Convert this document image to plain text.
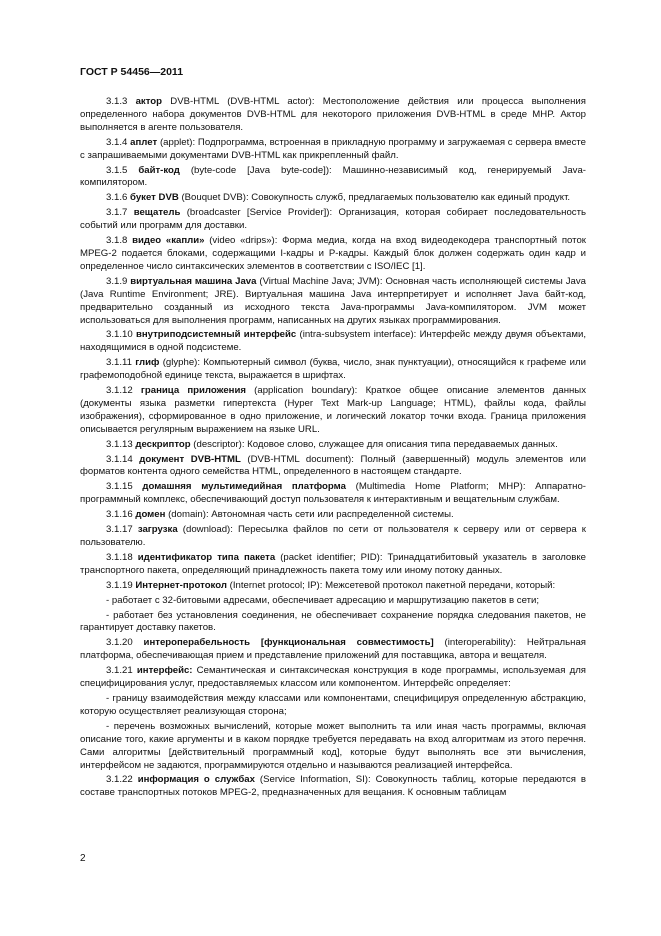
ГОСТ Р 54456—2011

3.1.3 актор DVB-HTML (DVB-HTML actor): Местоположение действия или процесса выполнения определенного набора документов DVB-HTML для некоторого приложения DVB-HTML в среде MHP. Актор выполняется в агенте пользователя.

3.1.4 аплет (applet): Подпрограмма, встроенная в прикладную программу и загружаемая с сервера вместе с запрашиваемыми документами DVB-HTML как прикрепленный файл.

3.1.5 байт-код (byte-code [Java byte-code]): Машинно-независимый код, генерируемый Java-компилятором.

3.1.6 букет DVB (Bouquet DVB): Совокупность служб, предлагаемых пользователю как единый продукт.

3.1.7 вещатель (broadcaster [Service Provider]): Организация, которая собирает последовательность событий или программ для доставки.

3.1.8 видео «капли» (video «drips»): Форма медиа, когда на вход видеодекодера транспортный поток MPEG-2 подается блоками, содержащими I-кадры и Р-кадры. Каждый блок должен содержать один кадр и определенное число синтаксических элементов в соответствии с ISO/IEC [1].

3.1.9 виртуальная машина Java (Virtual Machine Java; JVM): Основная часть исполняющей системы Java (Java Runtime Environment; JRE). Виртуальная машина Java интерпретирует и исполняет Java байт-код, предварительно созданный из исходного текста Java-программы Java-компилятором. JVM может использоваться для выполнения программ, написанных на других языках программирования.

3.1.10 внутриподсистемный интерфейс (intra-subsystem interface): Интерфейс между двумя объектами, находящимися в одной подсистеме.

3.1.11 глиф (glyphe): Компьютерный символ (буква, число, знак пунктуации), относящийся к графеме или графемоподобной единице текста, выражается в шрифтах.

3.1.12 граница приложения (application boundary): Краткое общее описание элементов данных (документы языка разметки гипертекста (Hyper Text Mark-up Language; HTML), файлы кода, файлы изображения), сформированное в одно приложение, и логический локатор точки входа. Граница приложения описывается регулярным выражением на языке URL.

3.1.13 дескриптор (descriptor): Кодовое слово, служащее для описания типа передаваемых данных.

3.1.14 документ DVB-HTML (DVB-HTML document): Полный (завершенный) модуль элементов или форматов контента одного семейства HTML, определенного в настоящем стандарте.

3.1.15 домашняя мультимедийная платформа (Multimedia Home Platform; MHP): Аппаратно-программный комплекс, обеспечивающий доступ пользователя к интерактивным и вещательным службам.

3.1.16 домен (domain): Автономная часть сети или распределенной системы.

3.1.17 загрузка (download): Пересылка файлов по сети от пользователя к серверу или от сервера к пользователю.

3.1.18 идентификатор типа пакета (packet identifier; PID): Тринадцатибитовый указатель в заголовке транспортного пакета, определяющий принадлежность пакета тому или иному потоку данных.

3.1.19 Интернет-протокол (Internet protocol; IP): Межсетевой протокол пакетной передачи, который:

- работает с 32-битовыми адресами, обеспечивает адресацию и маршрутизацию пакетов в сети;

- работает без установления соединения, не обеспечивает сохранение порядка следования пакетов, не гарантирует доставку пакетов.

3.1.20 интероперабельность [функциональная совместимость] (interoperability): Нейтральная платформа, обеспечивающая прием и представление приложений для поставщика, автора и вещателя.

3.1.21 интерфейс: Семантическая и синтаксическая конструкция в коде программы, используемая для специфицирования услуг, предоставляемых классом или компонентом. Интерфейс определяет:

- границу взаимодействия между классами или компонентами, специфицируя определенную абстракцию, которую осуществляет реализующая сторона;

- перечень возможных вычислений, которые может выполнить та или иная часть программы, включая описание того, какие аргументы и в каком порядке требуется передавать на вход алгоритмам из этого перечня. Сами алгоритмы [действительный программный код], которые будут выполнять все эти вычисления, интерфейсом не задаются, программируются отдельно и называются реализацией интерфейса.

3.1.22 информация о службах (Service Information, SI): Совокупность таблиц, которые передаются в составе транспортных потоков MPEG-2, предназначенных для вещания. К основным таблицам

2
